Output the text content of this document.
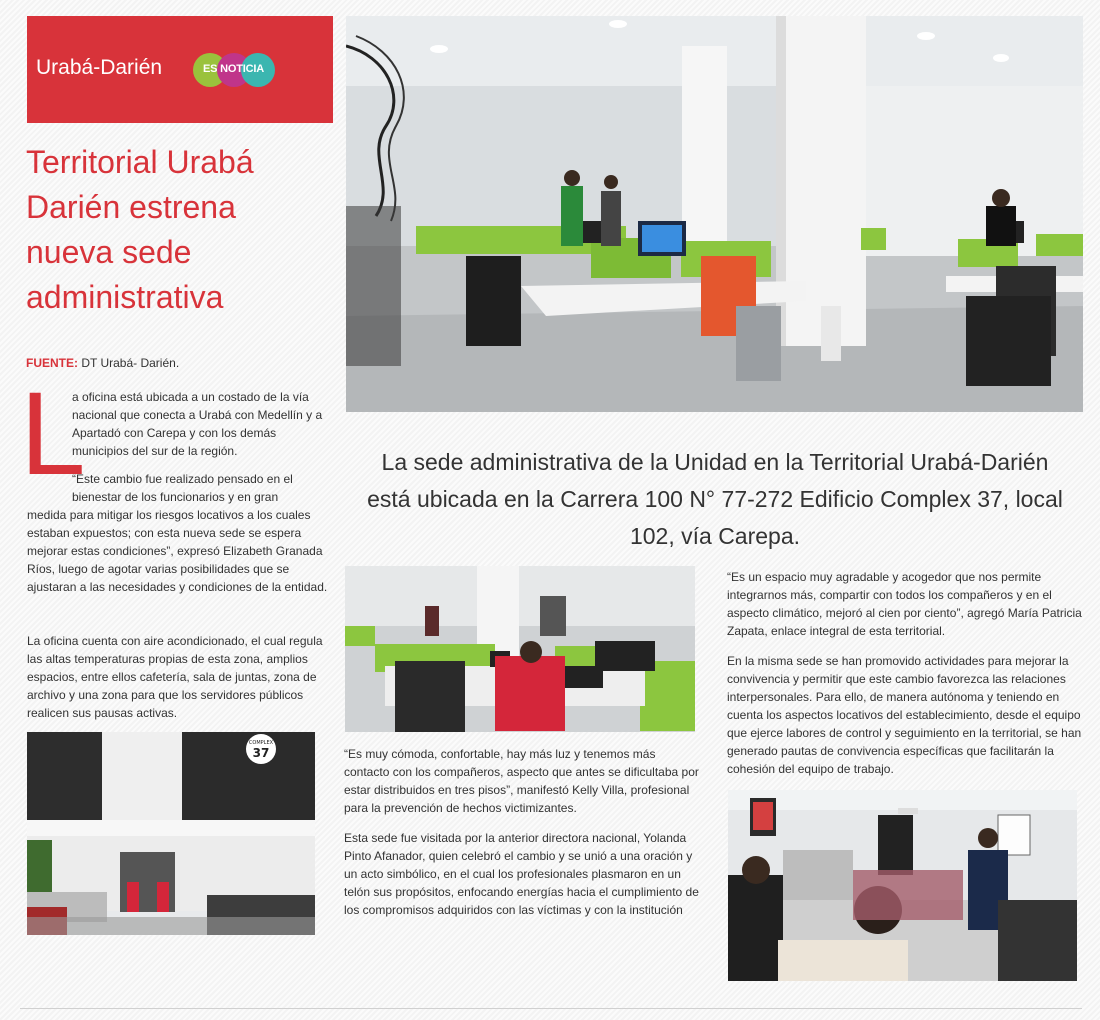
Urabá-Darién	ES NOTICIA
Territorial Urabá Darién estrena nueva sede administrativa
FUENTE: DT Urabá- Darién.
L

a oficina está ubicada a un costado de la vía nacional que conecta a Urabá con Medellín y a Apartadó con Carepa y con los demás municipios del sur de la región.

“Este cambio fue realizado pensado en el bienestar de los funcionarios y en gran
medida para mitigar los riesgos locativos a los cuales estaban expuestos; con esta nueva sede se espera mejorar estas condiciones”, expresó Elizabeth Granada Ríos, luego de agotar varias posibilidades que se ajustaran a las necesidades y condiciones de la entidad.

La oficina cuenta con aire acondicionado, el cual regula las altas temperaturas propias de esta zona, amplios espacios, entre ellos cafetería, sala de juntas, zona de archivo y una zona para que los servidores públicos realicen sus pausas activas.

La sede administrativa de la Unidad en la Territorial Urabá-Darién está ubicada en la Carrera 100 N° 77-272 Edificio Complex 37, local 102, vía Carepa.
COMPLEX
37	“Es muy cómoda, confortable, hay más luz y tenemos más contacto con los compañeros, aspecto que antes se dificultaba por estar distribuidos en tres pisos”, manifestó Kelly Villa, profesional para la prevención de hechos victimizantes.

Esta sede fue visitada por la anterior directora nacional, Yolanda Pinto Afanador, quien celebró el cambio y se unió a una oración y un acto simbólico, en el cual los profesionales plasmaron en un telón sus propósitos, enfocando energías hacia el cumplimiento de los compromisos adquiridos con las víctimas y con la institución

“Es un espacio muy agradable y acogedor que nos permite integrarnos más, compartir con todos los compañeros y en el aspecto climático, mejoró al cien por ciento”, agregó María Patricia Zapata, enlace integral de esta territorial.

En la misma sede se han promovido actividades para mejorar la convivencia y permitir que este cambio favorezca las relaciones interpersonales. Para ello, de manera autónoma y teniendo en cuenta los aspectos locativos del establecimiento, desde el equipo que ejerce labores de control y seguimiento en la territorial, se han generado pautas de convivencia específicas que facilitarán la cohesión del equipo de trabajo.
